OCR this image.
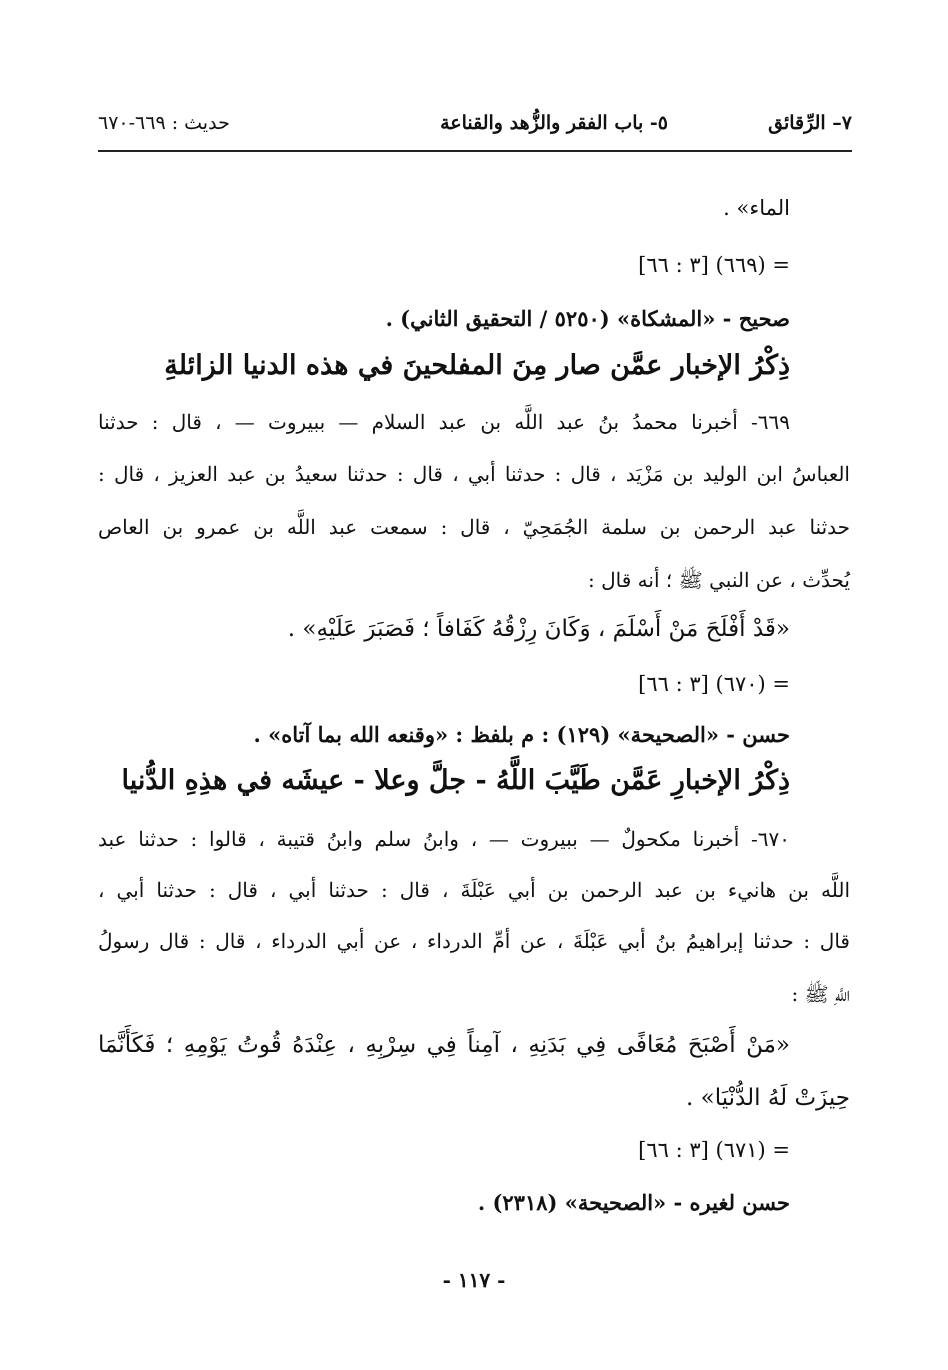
٧– الرِّقائق
٥- باب الفقر والزُّهد والقناعة
حديث : ٦٦٩-٦٧٠
الماء» .
= (٦٦٩) [٣ : ٦٦]
صحيح - «المشكاة» (٥٢٥٠ / التحقيق الثاني) .
ذِكْرُ الإخبار عمَّن صار مِنَ المفلحينَ في هذه الدنيا الزائلةِ
٦٦٩- أخبرنا محمدُ بنُ عبد اللَّه بن عبد السلام — ببيروت — ، قال : حدثنا
العباسُ ابن الوليد بن مَزْيَد ، قال : حدثنا أبي ، قال : حدثنا سعيدُ بن عبد العزيز ، قال :
حدثنا عبد الرحمن بن سلمة الجُمَحِيّ ، قال : سمعت عبد اللَّه بن عمرو بن العاص
يُحدِّث ، عن النبي ﷺ ؛ أنه قال :
«قَدْ أَفْلَحَ مَنْ أَسْلَمَ ، وَكَانَ رِزْقُهُ كَفَافاً ؛ فَصَبَرَ عَلَيْهِ» .
= (٦٧٠) [٣ : ٦٦]
حسن - «الصحيحة» (١٢٩) : م بلفظ : «وقنعه الله بما آتاه» .
ذِكْرُ الإخبارِ عَمَّن طَيَّبَ اللَّهُ - جلَّ وعلا - عيشَه في هذِهِ الدُّنيا
٦٧٠- أخبرنا مكحولٌ — ببيروت — ، وابنُ سلم وابنُ قتيبة ، قالوا : حدثنا عبد
اللَّه بن هانيء بن عبد الرحمن بن أبي عَبْلَةَ ، قال : حدثنا أبي ، قال : حدثنا أبي ،
قال : حدثنا إبراهيمُ بنُ أبي عَبْلَةَ ، عن أمِّ الدرداء ، عن أبي الدرداء ، قال : قال رسولُ
اللَّهِ ﷺ :
«مَنْ أَصْبَحَ مُعَافًى فِي بَدَنِهِ ، آمِناً فِي سِرْبِهِ ، عِنْدَهُ قُوتُ يَوْمِهِ ؛ فَكَأَنَّمَا
حِيزَتْ لَهُ الدُّنْيَا» .
= (٦٧١) [٣ : ٦٦]
حسن لغيره - «الصحيحة» (٢٣١٨) .
- ١١٧ -
